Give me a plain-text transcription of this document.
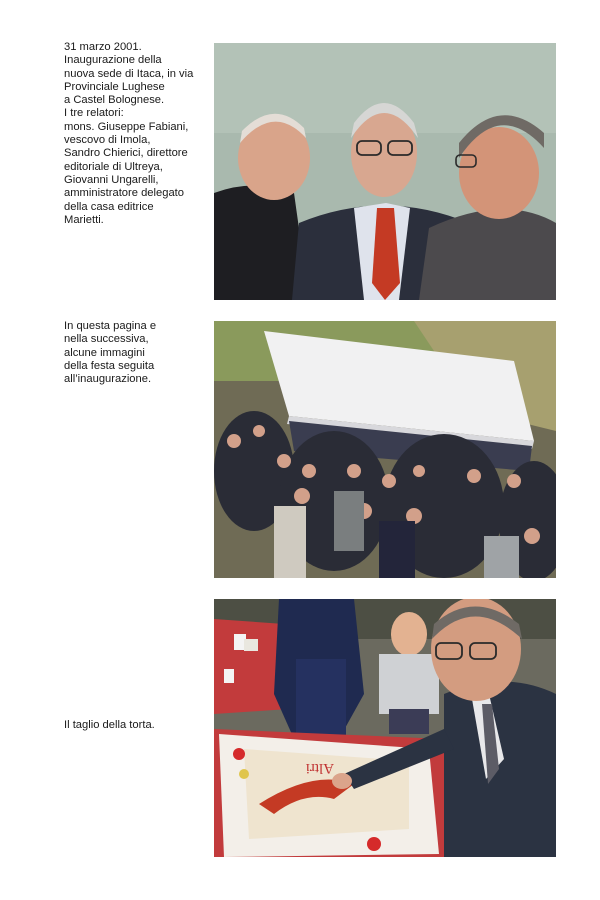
31 marzo 2001.
Inaugurazione della
nuova sede di Itaca, in via
Provinciale Lughese
a Castel Bolognese.
I tre relatori:
mons. Giuseppe Fabiani,
vescovo di Imola,
Sandro Chierici, direttore
editoriale di Ultreya,
Giovanni Ungarelli,
amministratore delegato
della casa editrice
Marietti.
In questa pagina e
nella successiva,
alcune immagini
della festa seguita
all’inaugurazione.
Il taglio della torta.
Altri
